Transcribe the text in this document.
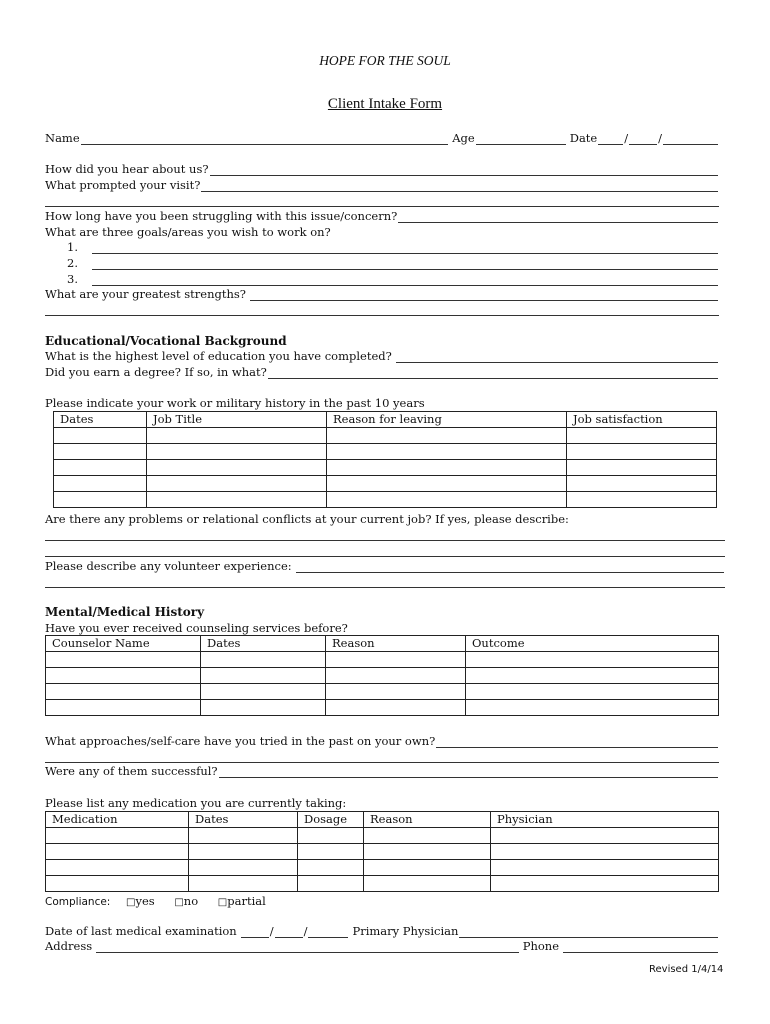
HOPE FOR THE SOUL
Client Intake Form
Name	Age	Date /	/
How did you hear about us?
What prompted your visit?
How long have you been struggling with this issue/concern?
What are three goals/areas you wish to work on?
1.
2.
3.
What are your greatest strengths?
Educational/Vocational Background
What is the highest level of education you have completed?
Did you earn a degree? If so, in what?
Please indicate your work or military history in the past 10 years
Dates	Job Title	Reason for leaving	Job satisfaction

Are there any problems or relational conflicts at your current job? If yes, please describe:
Please describe any volunteer experience:
Mental/Medical History
Have you ever received counseling services before?
Counselor Name	Dates	Reason	Outcome

What approaches/self-care have you tried in the past on your own?
Were any of them successful?
Please list any medication you are currently taking:
Medication	Dates	Dosage	Reason	Physician

Compliance: □yes □no □partial
Date of last medical examination	/	/	Primary Physician
Address	Phone
Revised 1/4/14
